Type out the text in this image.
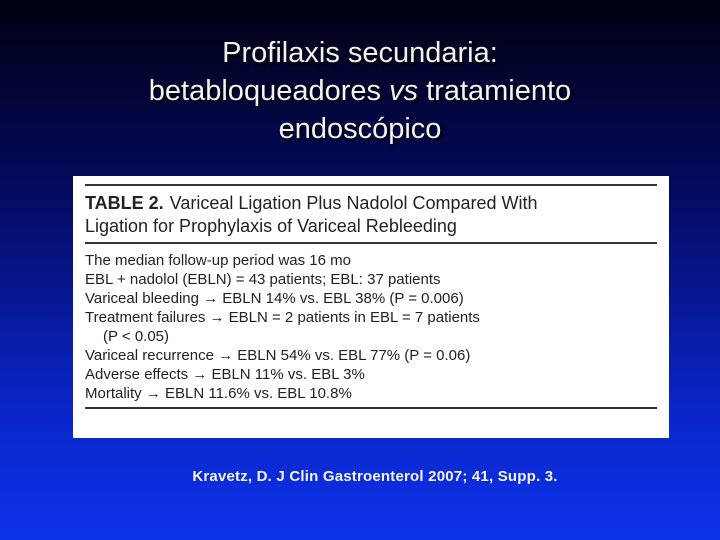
Profilaxis secundaria:
betabloqueadores vs tratamiento
endoscópico
TABLE 2. Variceal Ligation Plus Nadolol Compared With
Ligation for Prophylaxis of Variceal Rebleeding
The median follow-up period was 16 mo
EBL + nadolol (EBLN) = 43 patients; EBL: 37 patients
Variceal bleeding → EBLN 14% vs. EBL 38% (P = 0.006)
Treatment failures → EBLN = 2 patients in EBL = 7 patients
(P < 0.05)
Variceal recurrence → EBLN 54% vs. EBL 77% (P = 0.06)
Adverse effects → EBLN 11% vs. EBL 3%
Mortality → EBLN 11.6% vs. EBL 10.8%
Kravetz, D. J Clin Gastroenterol 2007; 41, Supp. 3.
